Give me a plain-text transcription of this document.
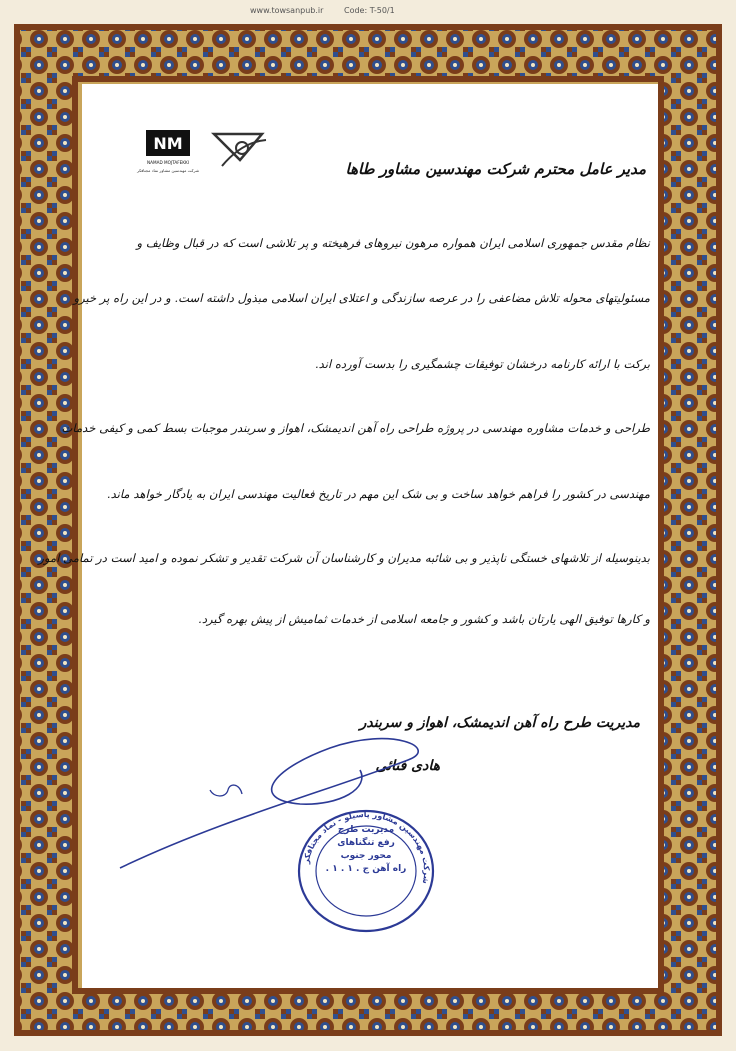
www.towsanpub.ir	Code: T-50/1
NM
NAMAD MOJTAFEKKI
شرکت مهندسین مشاور نماد مجتافکر	مدیر عامل محترم شرکت مهندسین مشاور طاها
نظام مقدس جمهوری اسلامی ایران همواره مرهون نیروهای فرهیخته و پر تلاشی است که در قبال وظایف و
مسئولیتهای محوله تلاش مضاعفی را در عرصه سازندگی و اعتلای ایران اسلامی مبذول داشته است. و در این راه پر خیرو
برکت با ارائه کارنامه درخشان توفیقات چشمگیری را بدست آورده اند.
طراحی و خدمات مشاوره مهندسی در پروژه طراحی راه آهن اندیمشک، اهواز و سربندر موجبات بسط کمی و کیفی خدمات
مهندسی در کشور را فراهم خواهد ساخت و بی شک این مهم در تاریخ فعالیت مهندسی ایران به یادگار خواهد ماند.
بدینوسیله از تلاشهای خستگی ناپذیر و بی شائبه مدیران و کارشناسان آن شرکت تقدیر و تشکر نموده و امید است در تمامی امور
و کارها توفیق الهی یارتان باشد و کشور و جامعه اسلامی از خدمات ثمامیش از پیش بهره گیرد.
مدیریت طرح راه آهن اندیمشک، اهواز و سربندر
هادی فنائی
شرکت مهندسین مشاور پاسیلو - نماد مجتافکر
مدیریت طرح
رفع تنگناهای
محور جنوب
راه آهن ج . ۱ . ۱ .
